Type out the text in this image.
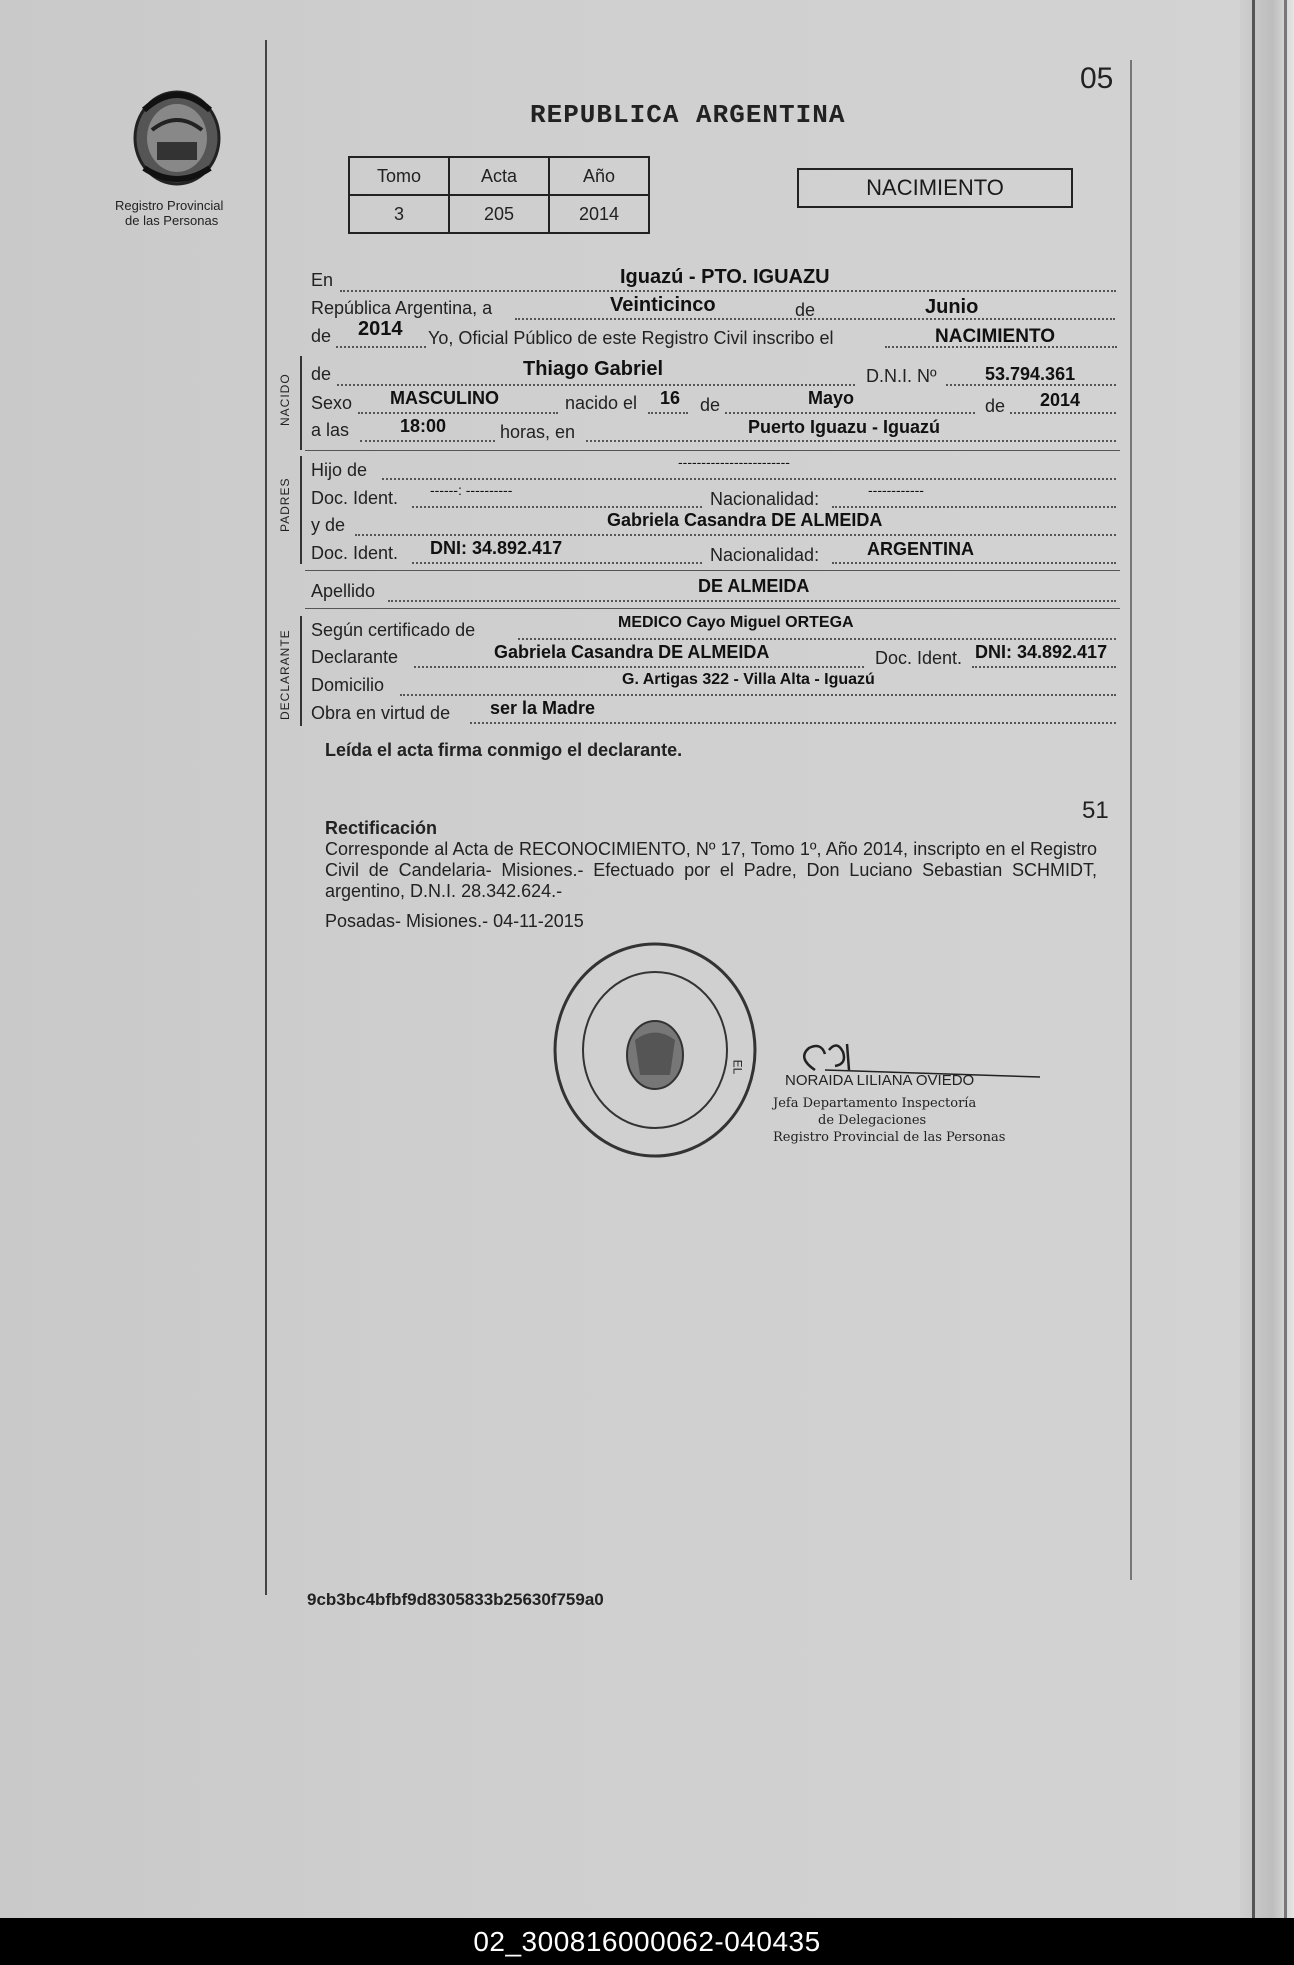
05
Registro Provincial
de las Personas
REPUBLICA ARGENTINA
Tomo	Acta	Año
3	205	2014
NACIMIENTO
En	Iguazú - PTO. IGUAZU
República Argentina, a	Veinticinco	de	Junio
de 2014 Yo, Oficial Público de este Registro Civil inscribo el	NACIMIENTO
NACIDO de	Thiago Gabriel	D.N.I. Nº	53.794.361
Sexo MASCULINO	nacido el 16 de	Mayo	de 2014
a las	18:00	horas, en	Puerto Iguazu - Iguazú
PADRES
Hijo de	------------------------
Doc. Ident. ------: ----------	Nacionalidad:	------------
y de	Gabriela Casandra DE ALMEIDA
Doc. Ident. DNI: 34.892.417	Nacionalidad:	ARGENTINA
Apellido	DE ALMEIDA
DECLARANTE Según certificado de	MEDICO Cayo Miguel ORTEGA
Declarante	Gabriela Casandra DE ALMEIDA	Doc. Ident. DNI: 34.892.417
Domicilio	G. Artigas 322 - Villa Alta - Iguazú
Obra en virtud de ser la Madre
Leída el acta firma conmigo el declarante.
51
Rectificación
Corresponde al Acta de RECONOCIMIENTO, Nº 17, Tomo 1º, Año 2014, inscripto en el Registro Civil de Candelaria- Misiones.- Efectuado por el Padre, Don Luciano Sebastian SCHMIDT, argentino, D.N.I. 28.342.624.-
Posadas- Misiones.- 04-11-2015
EL
NORAIDA LILIANA OVIEDO
Jefa Departamento Inspectoría
de Delegaciones
Registro Provincial de las Personas
9cb3bc4bfbf9d8305833b25630f759a0
02_300816000062-040435
